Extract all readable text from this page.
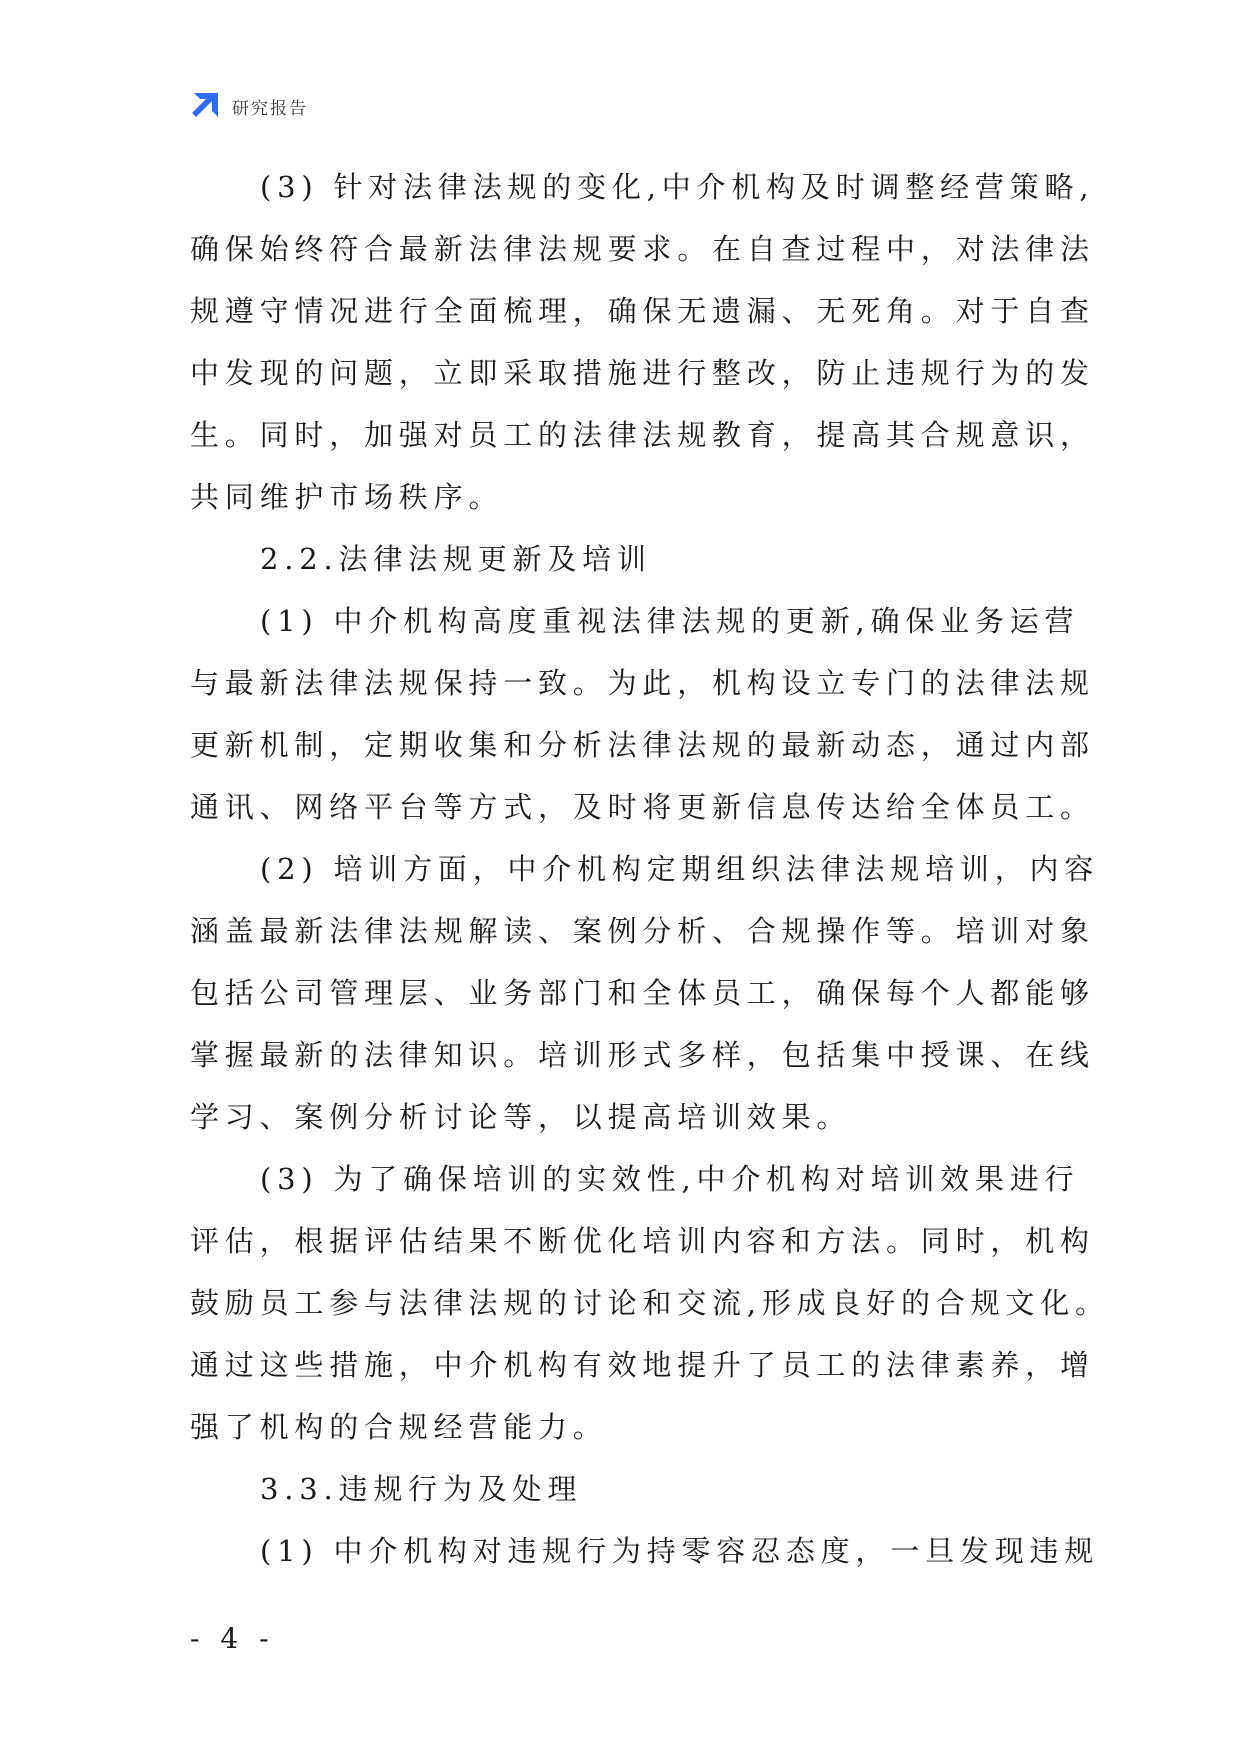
研究报告
(3) 针对法律法规的变化,中介机构及时调整经营策略,
确保始终符合最新法律法规要求。在自查过程中，对法律法
规遵守情况进行全面梳理，确保无遗漏、无死角。对于自查
中发现的问题，立即采取措施进行整改，防止违规行为的发
生。同时，加强对员工的法律法规教育，提高其合规意识，
共同维护市场秩序。
2.2.法律法规更新及培训
(1) 中介机构高度重视法律法规的更新,确保业务运营
与最新法律法规保持一致。为此，机构设立专门的法律法规
更新机制，定期收集和分析法律法规的最新动态，通过内部
通讯、网络平台等方式，及时将更新信息传达给全体员工。
(2) 培训方面，中介机构定期组织法律法规培训，内容
涵盖最新法律法规解读、案例分析、合规操作等。培训对象
包括公司管理层、业务部门和全体员工，确保每个人都能够
掌握最新的法律知识。培训形式多样，包括集中授课、在线
学习、案例分析讨论等，以提高培训效果。
(3) 为了确保培训的实效性,中介机构对培训效果进行
评估，根据评估结果不断优化培训内容和方法。同时，机构
鼓励员工参与法律法规的讨论和交流,形成良好的合规文化。
通过这些措施，中介机构有效地提升了员工的法律素养，增
强了机构的合规经营能力。
3.3.违规行为及处理
(1) 中介机构对违规行为持零容忍态度，一旦发现违规
- 4 -
